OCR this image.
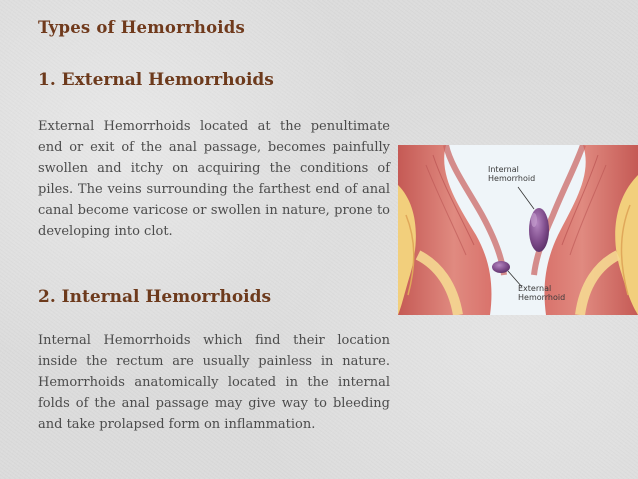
Types of Hemorrhoids
1. External Hemorrhoids

External Hemorrhoids located at the penultimate end or exit of the anal passage, becomes painfully swollen and itchy on acquiring the conditions of piles. The veins surrounding the farthest end of anal canal become varicose or swollen in nature, prone to developing into clot.

2. Internal Hemorrhoids

Internal Hemorrhoids which find their location inside the rectum are usually painless in nature. Hemorrhoids anatomically located in the internal folds of the anal passage may give way to bleeding and take prolapsed form on inflammation.

Internal
Hemorrhoid
External
Hemorrhoid
